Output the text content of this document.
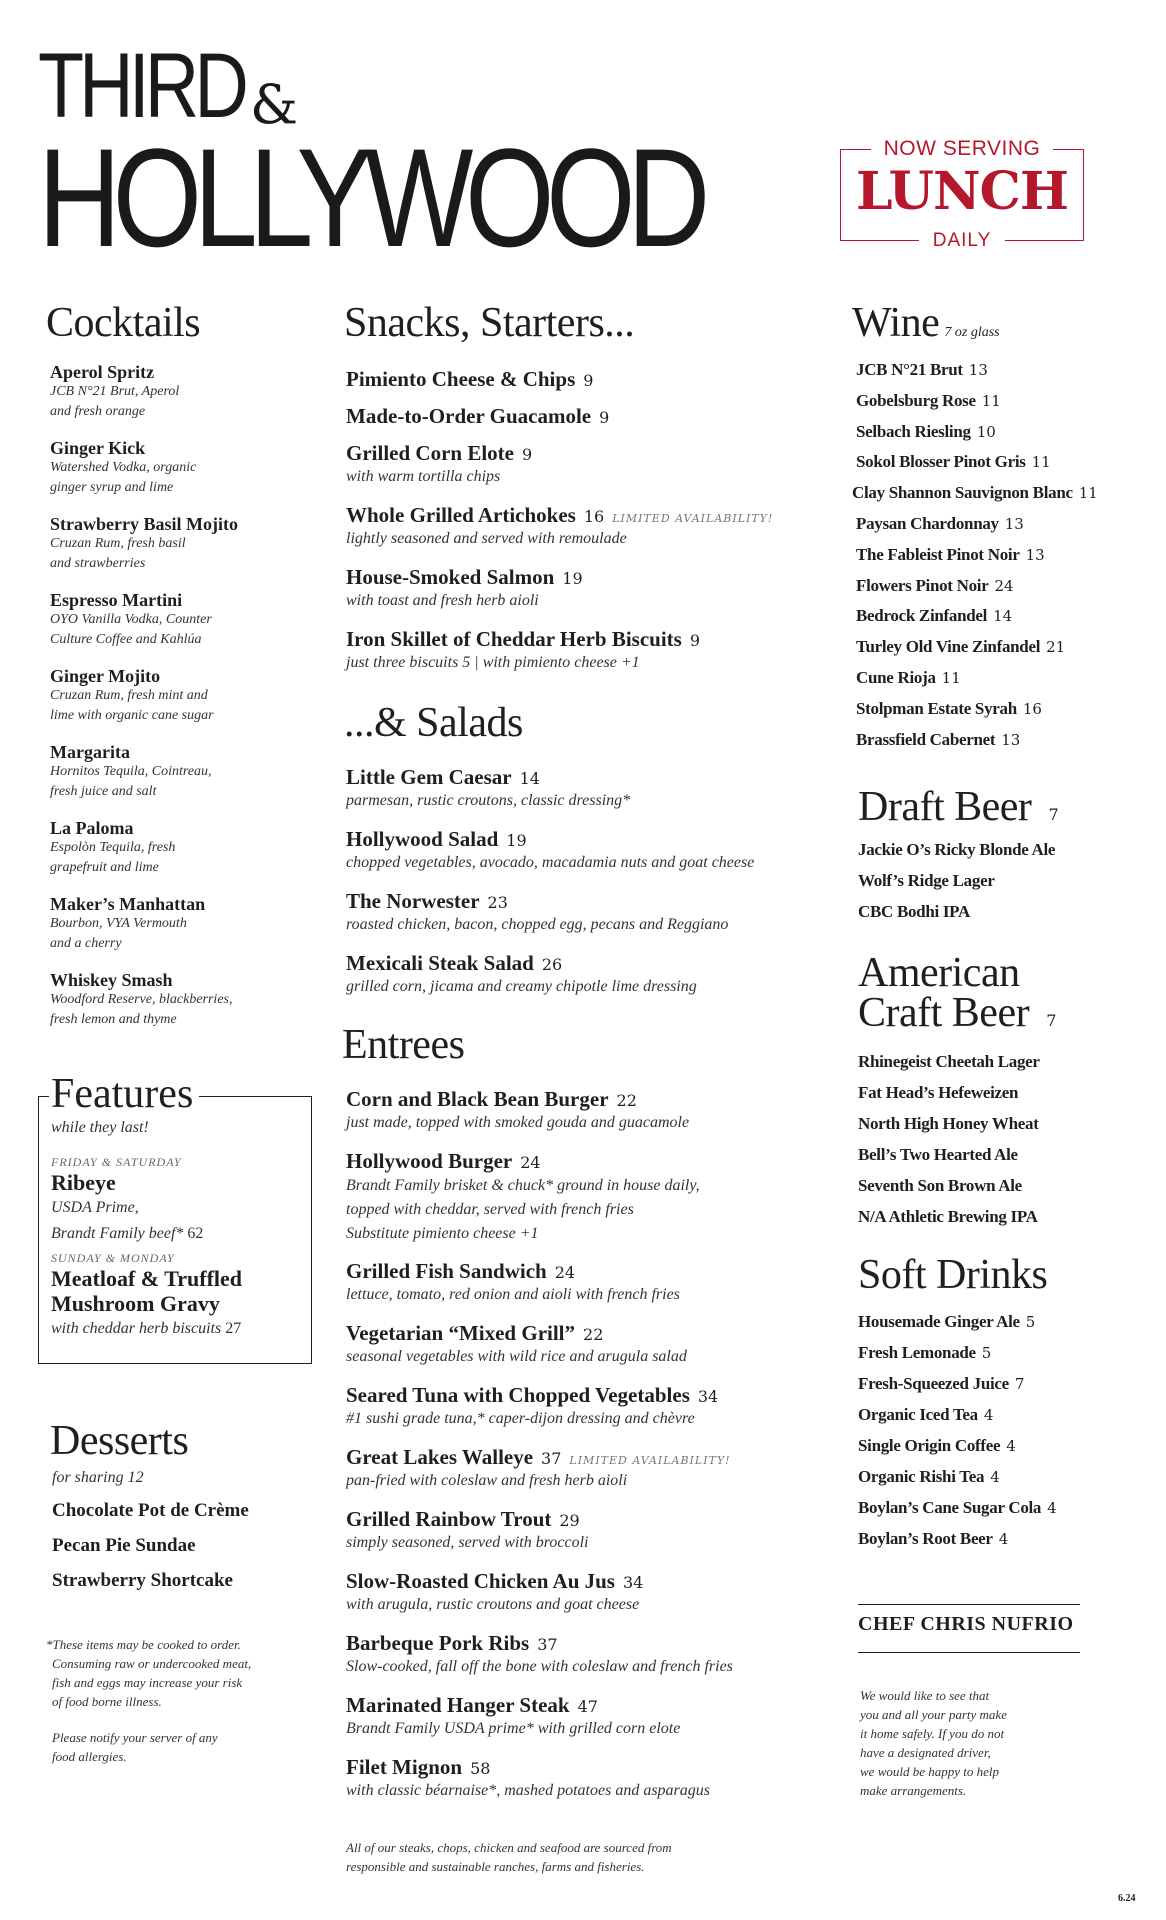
THIRD &
HOLLYWOOD	NOW SERVING
LUNCH
DAILY
Cocktails
Aperol Spritz
JCB N°21 Brut, Aperol
and fresh orange
Ginger Kick
Watershed Vodka, organic
ginger syrup and lime
Strawberry Basil Mojito
Cruzan Rum, fresh basil
and strawberries
Espresso Martini
OYO Vanilla Vodka, Counter
Culture Coffee and Kahlúa
Ginger Mojito
Cruzan Rum, fresh mint and
lime with organic cane sugar
Margarita
Hornitos Tequila, Cointreau,
fresh juice and salt
La Paloma
Espolòn Tequila, fresh
grapefruit and lime
Maker’s Manhattan
Bourbon, VYA Vermouth
and a cherry
Whiskey Smash
Woodford Reserve, blackberries,
fresh lemon and thyme
Features
while they last!
FRIDAY & SATURDAY
Ribeye
USDA Prime,
Brandt Family beef* 62
SUNDAY & MONDAY
Meatloaf & Truffled
Mushroom Gravy
with cheddar herb biscuits 27
Desserts
for sharing 12
Chocolate Pot de Crème
Pecan Pie Sundae
Strawberry Shortcake
*These items may be cooked to order.
Consuming raw or undercooked meat,
fish and eggs may increase your risk
of food borne illness.
Please notify your server of any
food allergies.
Snacks, Starters...
Pimiento Cheese & Chips 9
Made-to-Order Guacamole 9
Grilled Corn Elote 9
with warm tortilla chips
Whole Grilled Artichokes 16 LIMITED AVAILABILITY!
lightly seasoned and served with remoulade
House-Smoked Salmon 19
with toast and fresh herb aioli
Iron Skillet of Cheddar Herb Biscuits 9
just three biscuits 5 | with pimiento cheese +1
...& Salads
Little Gem Caesar 14
parmesan, rustic croutons, classic dressing*
Hollywood Salad 19
chopped vegetables, avocado, macadamia nuts and goat cheese
The Norwester 23
roasted chicken, bacon, chopped egg, pecans and Reggiano
Mexicali Steak Salad 26
grilled corn, jicama and creamy chipotle lime dressing
Entrees
Corn and Black Bean Burger 22
just made, topped with smoked gouda and guacamole
Hollywood Burger 24
Brandt Family brisket & chuck* ground in house daily,
topped with cheddar, served with french fries
Substitute pimiento cheese +1
Grilled Fish Sandwich 24
lettuce, tomato, red onion and aioli with french fries
Vegetarian “Mixed Grill” 22
seasonal vegetables with wild rice and arugula salad
Seared Tuna with Chopped Vegetables 34
#1 sushi grade tuna,* caper-dijon dressing and chèvre
Great Lakes Walleye 37 LIMITED AVAILABILITY!
pan-fried with coleslaw and fresh herb aioli
Grilled Rainbow Trout 29
simply seasoned, served with broccoli
Slow-Roasted Chicken Au Jus 34
with arugula, rustic croutons and goat cheese
Barbeque Pork Ribs 37
Slow-cooked, fall off the bone with coleslaw and french fries
Marinated Hanger Steak 47
Brandt Family USDA prime* with grilled corn elote
Filet Mignon 58
with classic béarnaise*, mashed potatoes and asparagus
All of our steaks, chops, chicken and seafood are sourced from
responsible and sustainable ranches, farms and fisheries.
Wine 7 oz glass
JCB N°21 Brut 13
Gobelsburg Rose 11
Selbach Riesling 10
Sokol Blosser Pinot Gris 11
Clay Shannon Sauvignon Blanc 11
Paysan Chardonnay 13
The Fableist Pinot Noir 13
Flowers Pinot Noir 24
Bedrock Zinfandel 14
Turley Old Vine Zinfandel 21
Cune Rioja 11
Stolpman Estate Syrah 16
Brassfield Cabernet 13
Draft Beer 7
Jackie O’s Ricky Blonde Ale
Wolf’s Ridge Lager
CBC Bodhi IPA
American
Craft Beer 7
Rhinegeist Cheetah Lager
Fat Head’s Hefeweizen
North High Honey Wheat
Bell’s Two Hearted Ale
Seventh Son Brown Ale
N/A Athletic Brewing IPA
Soft Drinks
Housemade Ginger Ale 5
Fresh Lemonade 5
Fresh-Squeezed Juice 7
Organic Iced Tea 4
Single Origin Coffee 4
Organic Rishi Tea 4
Boylan’s Cane Sugar Cola 4
Boylan’s Root Beer 4
CHEF CHRIS NUFRIO
We would like to see that
you and all your party make
it home safely. If you do not
have a designated driver,
we would be happy to help
make arrangements.
6.24
